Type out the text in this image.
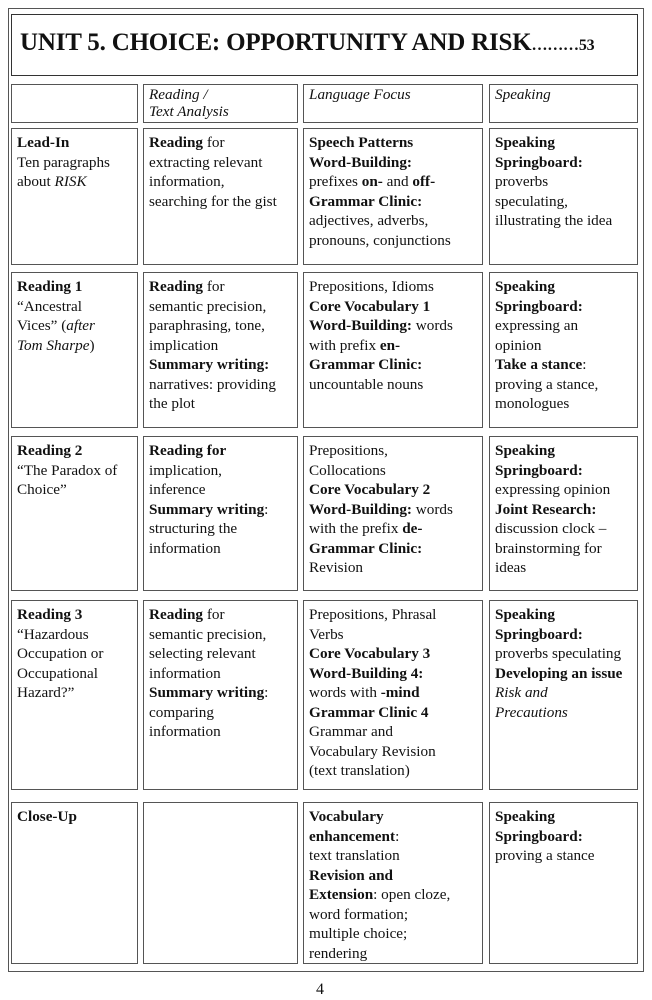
UNIT 5. CHOICE: OPPORTUNITY AND RISK………53
Reading /
Text Analysis
Language Focus	Speaking
Lead-In
Ten paragraphs
about RISK
Reading for
extracting relevant
information,
searching for the gist
Speech Patterns
Word-Building:
prefixes on- and off-
Grammar Clinic:
adjectives, adverbs,
pronouns, conjunctions
Speaking
Springboard:
proverbs
speculating,
illustrating the idea
Reading 1
“Ancestral
Vices” (after
Tom Sharpe)
Reading for
semantic precision,
paraphrasing, tone,
implication
Summary writing:
narratives: providing
the plot
Prepositions, Idioms
Core Vocabulary 1
Word-Building: words
with prefix en-
Grammar Clinic:
uncountable nouns
Speaking
Springboard:
expressing an
opinion
Take a stance:
proving a stance,
monologues
Reading 2
“The Paradox of
Choice”
Reading for
implication,
inference
Summary writing:
structuring the
information
Prepositions,
Collocations
Core Vocabulary 2
Word-Building: words
with the prefix de-
Grammar Clinic:
Revision
Speaking
Springboard:
expressing opinion
Joint Research:
discussion clock –
brainstorming for
ideas
Reading 3
“Hazardous
Occupation or
Occupational
Hazard?”
Reading for
semantic precision,
selecting relevant
information
Summary writing:
comparing
information
Prepositions, Phrasal
Verbs
Core Vocabulary 3
Word-Building 4:
words with -mind
Grammar Clinic 4
Grammar and
Vocabulary Revision
(text translation)
Speaking
Springboard:
proverbs speculating
Developing an issue
Risk and
Precautions
Close-Up	Vocabulary
enhancement:
text translation
Revision and
Extension: open cloze,
word formation;
multiple choice;
rendering
Speaking
Springboard:
proving a stance
4
